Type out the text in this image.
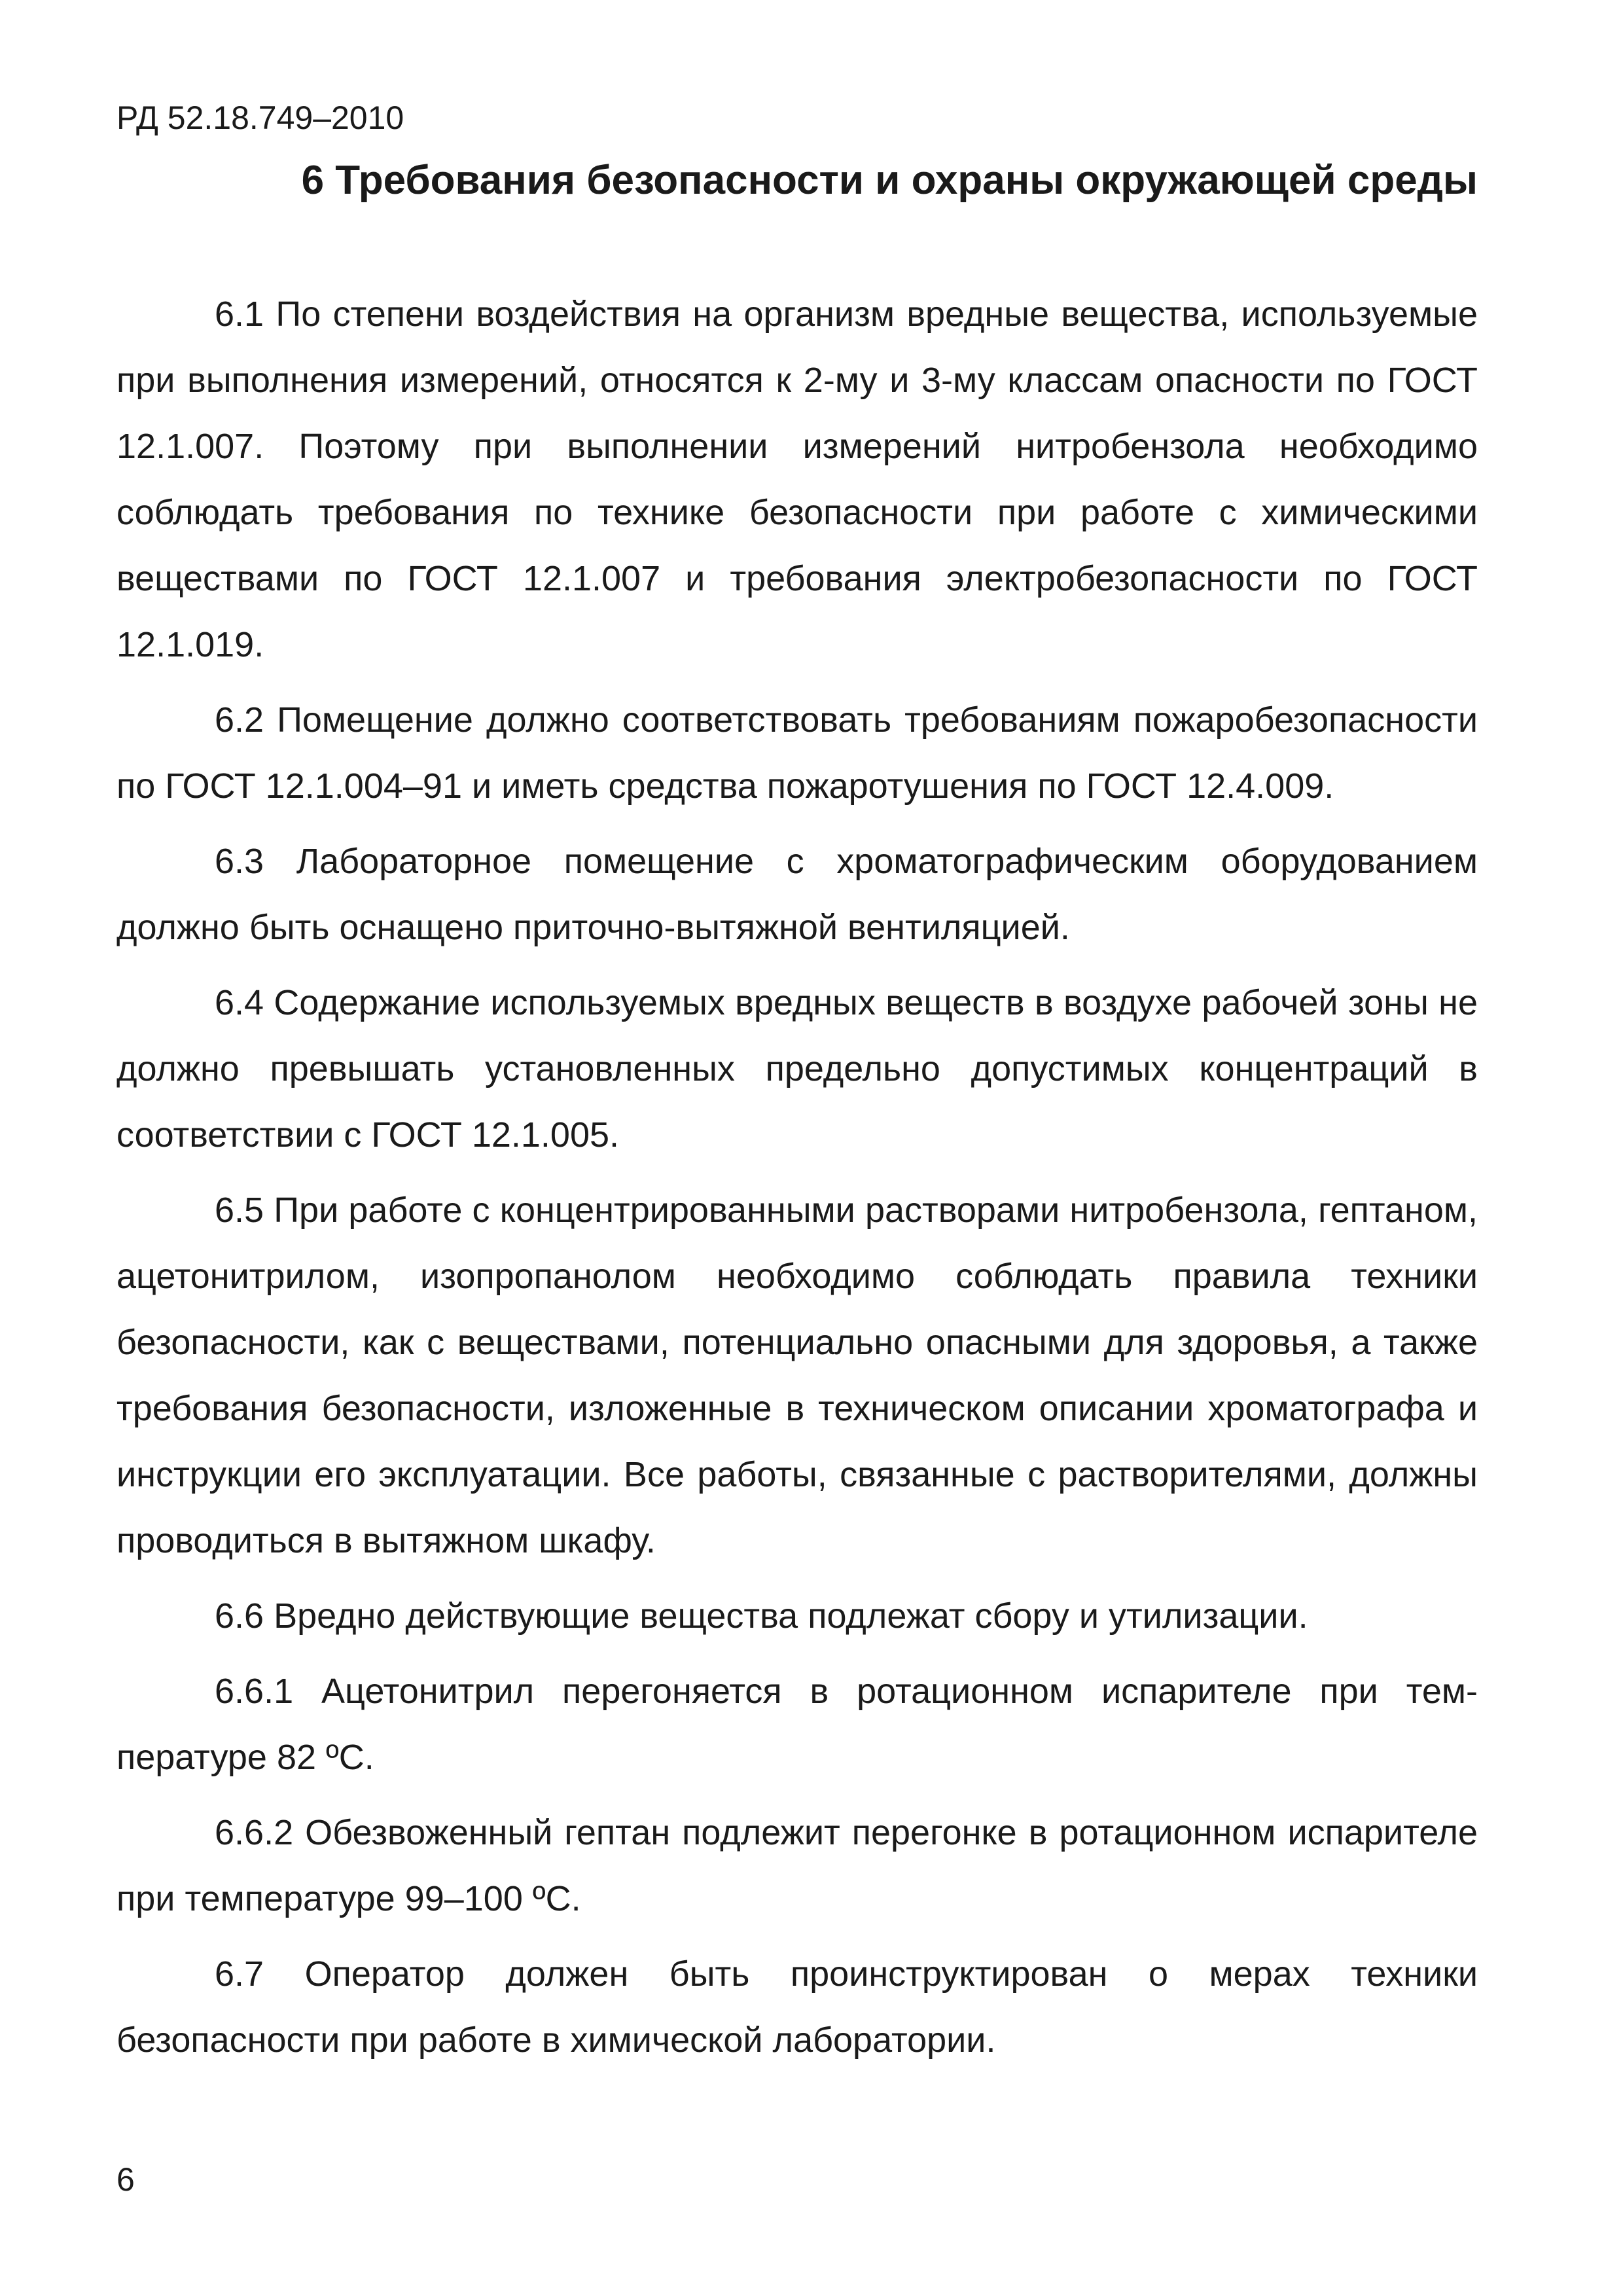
РД 52.18.749–2010
6 Требования безопасности и охраны окружающей среды

6.1 По степени воздействия на организм вредные вещества, используемые при выполнения измерений, относятся к 2-му и 3-му классам опасности по ГОСТ 12.1.007. Поэтому при выполнении измерений нитробензола необходимо соблюдать требования по технике безопасности при работе с химическими веществами по ГОСТ 12.1.007 и требования электробезопасности по ГОСТ 12.1.019.

6.2 Помещение должно соответствовать требованиям пожаробезопасности по ГОСТ 12.1.004–91 и иметь средства пожаротушения по ГОСТ 12.4.009.

6.3 Лабораторное помещение с хроматографическим оборудованием должно быть оснащено приточно-вытяжной вентиляцией.

6.4 Содержание используемых вредных веществ в воздухе рабочей зоны не должно превышать установленных предельно допустимых концентраций в соответствии с ГОСТ 12.1.005.

6.5 При работе с концентрированными растворами нитробензола, гептаном, ацетонитрилом, изопропанолом необходимо соблюдать правила техники безопасности, как с веществами, потенциально опасными для здоровья, а также требования безопасности, изложенные в техническом описании хроматографа и инструкции его эксплуатации. Все работы, связанные с растворителями, должны проводиться в вытяжном шкафу.

6.6 Вредно действующие вещества подлежат сбору и утилизации.

6.6.1 Ацетонитрил перегоняется в ротационном испарителе при температуре 82 ºС.

6.6.2 Обезвоженный гептан подлежит перегонке в ротационном испарителе при температуре 99–100 ºС.

6.7 Оператор должен быть проинструктирован о мерах техники безопасности при работе в химической лаборатории.

6
